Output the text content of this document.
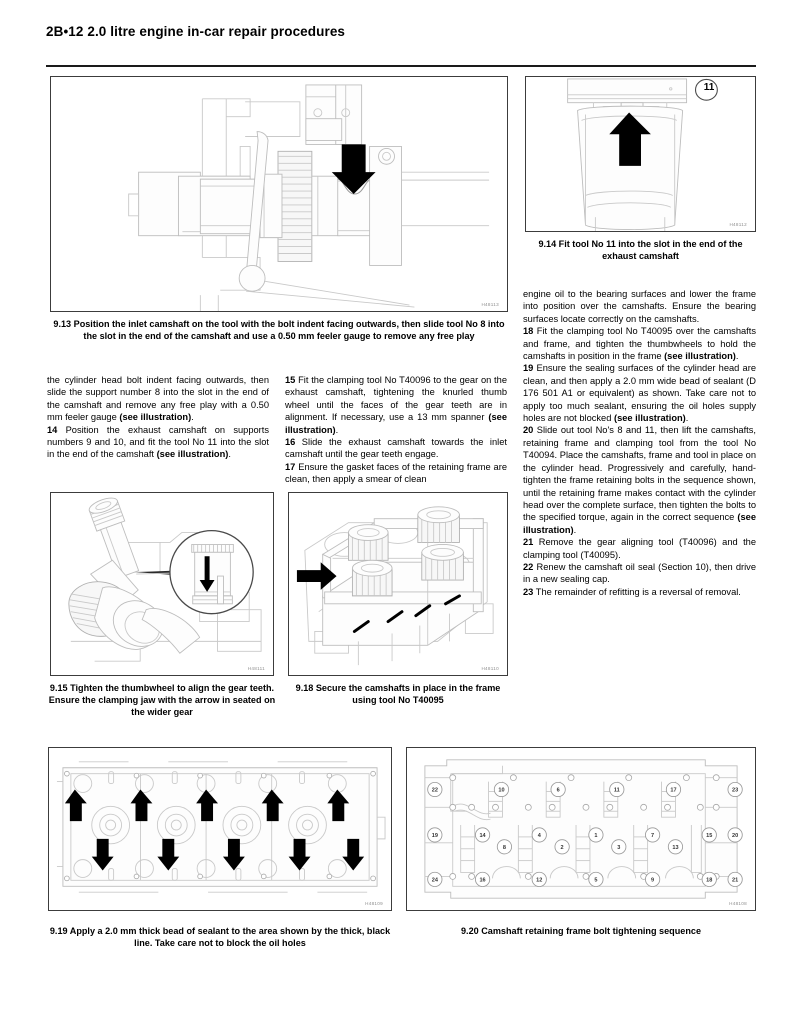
2B•12 2.0 litre engine in-car repair procedures
H48113
9.13 Position the inlet camshaft on the tool with the bolt indent facing outwards, then slide tool No 8 into the slot in the end of the camshaft and use a 0.50 mm feeler gauge to remove any free play
11
H48112
9.14 Fit tool No 11 into the slot in the end of the exhaust camshaft

the cylinder head bolt indent facing outwards, then slide the support number 8 into the slot in the end of the camshaft and remove any free play with a 0.50 mm feeler gauge (see illustration).

14 Position the exhaust camshaft on supports numbers 9 and 10, and fit the tool No 11 into the slot in the end of the camshaft (see illustration).

15 Fit the clamping tool No T40096 to the gear on the exhaust camshaft, tightening the knurled thumb wheel until the faces of the gear teeth are in alignment. If necessary, use a 13 mm spanner (see illustration).

16 Slide the exhaust camshaft towards the inlet camshaft until the gear teeth engage.

17 Ensure the gasket faces of the retaining frame are clean, then apply a smear of clean

engine oil to the bearing surfaces and lower the frame into position over the camshafts. Ensure the bearing surfaces locate correctly on the camshafts.

18 Fit the clamping tool No T40095 over the camshafts and frame, and tighten the thumbwheels to hold the camshafts in position in the frame (see illustration).

19 Ensure the sealing surfaces of the cylinder head are clean, and then apply a 2.0 mm wide bead of sealant (D 176 501 A1 or equivalent) as shown. Take care not to apply too much sealant, ensuring the oil holes supply holes are not blocked (see illustration).

20 Slide out tool No's 8 and 11, then lift the camshafts, retaining frame and clamping tool from the tool No T40094. Place the camshafts, frame and tool in place on the cylinder head. Progressively and carefully, hand-tighten the frame retaining bolts in the sequence shown, until the retaining frame makes contact with the cylinder head over the complete surface, then tighten the bolts to the specified torque, again in the correct sequence (see illustration).

21 Remove the gear aligning tool (T40096) and the clamping tool (T40095).

22 Renew the camshaft oil seal (Section 10), then drive in a new sealing cap.

23 The remainder of refitting is a reversal of removal.

H48111
9.15 Tighten the thumbwheel to align the gear teeth. Ensure the clamping jaw with the arrow in seated on the wider gear
H48110
9.18 Secure the camshafts in place in the frame using tool No T40095
H48109
9.19 Apply a 2.0 mm thick bead of sealant to the area shown by the thick, black line. Take care not to block the oil holes
22	10	6	11	17	23
19	14
8
4
2
1
3
7
13
15	20
24	16	12	5	9	18	21
H48108
9.20 Camshaft retaining frame bolt tightening sequence
